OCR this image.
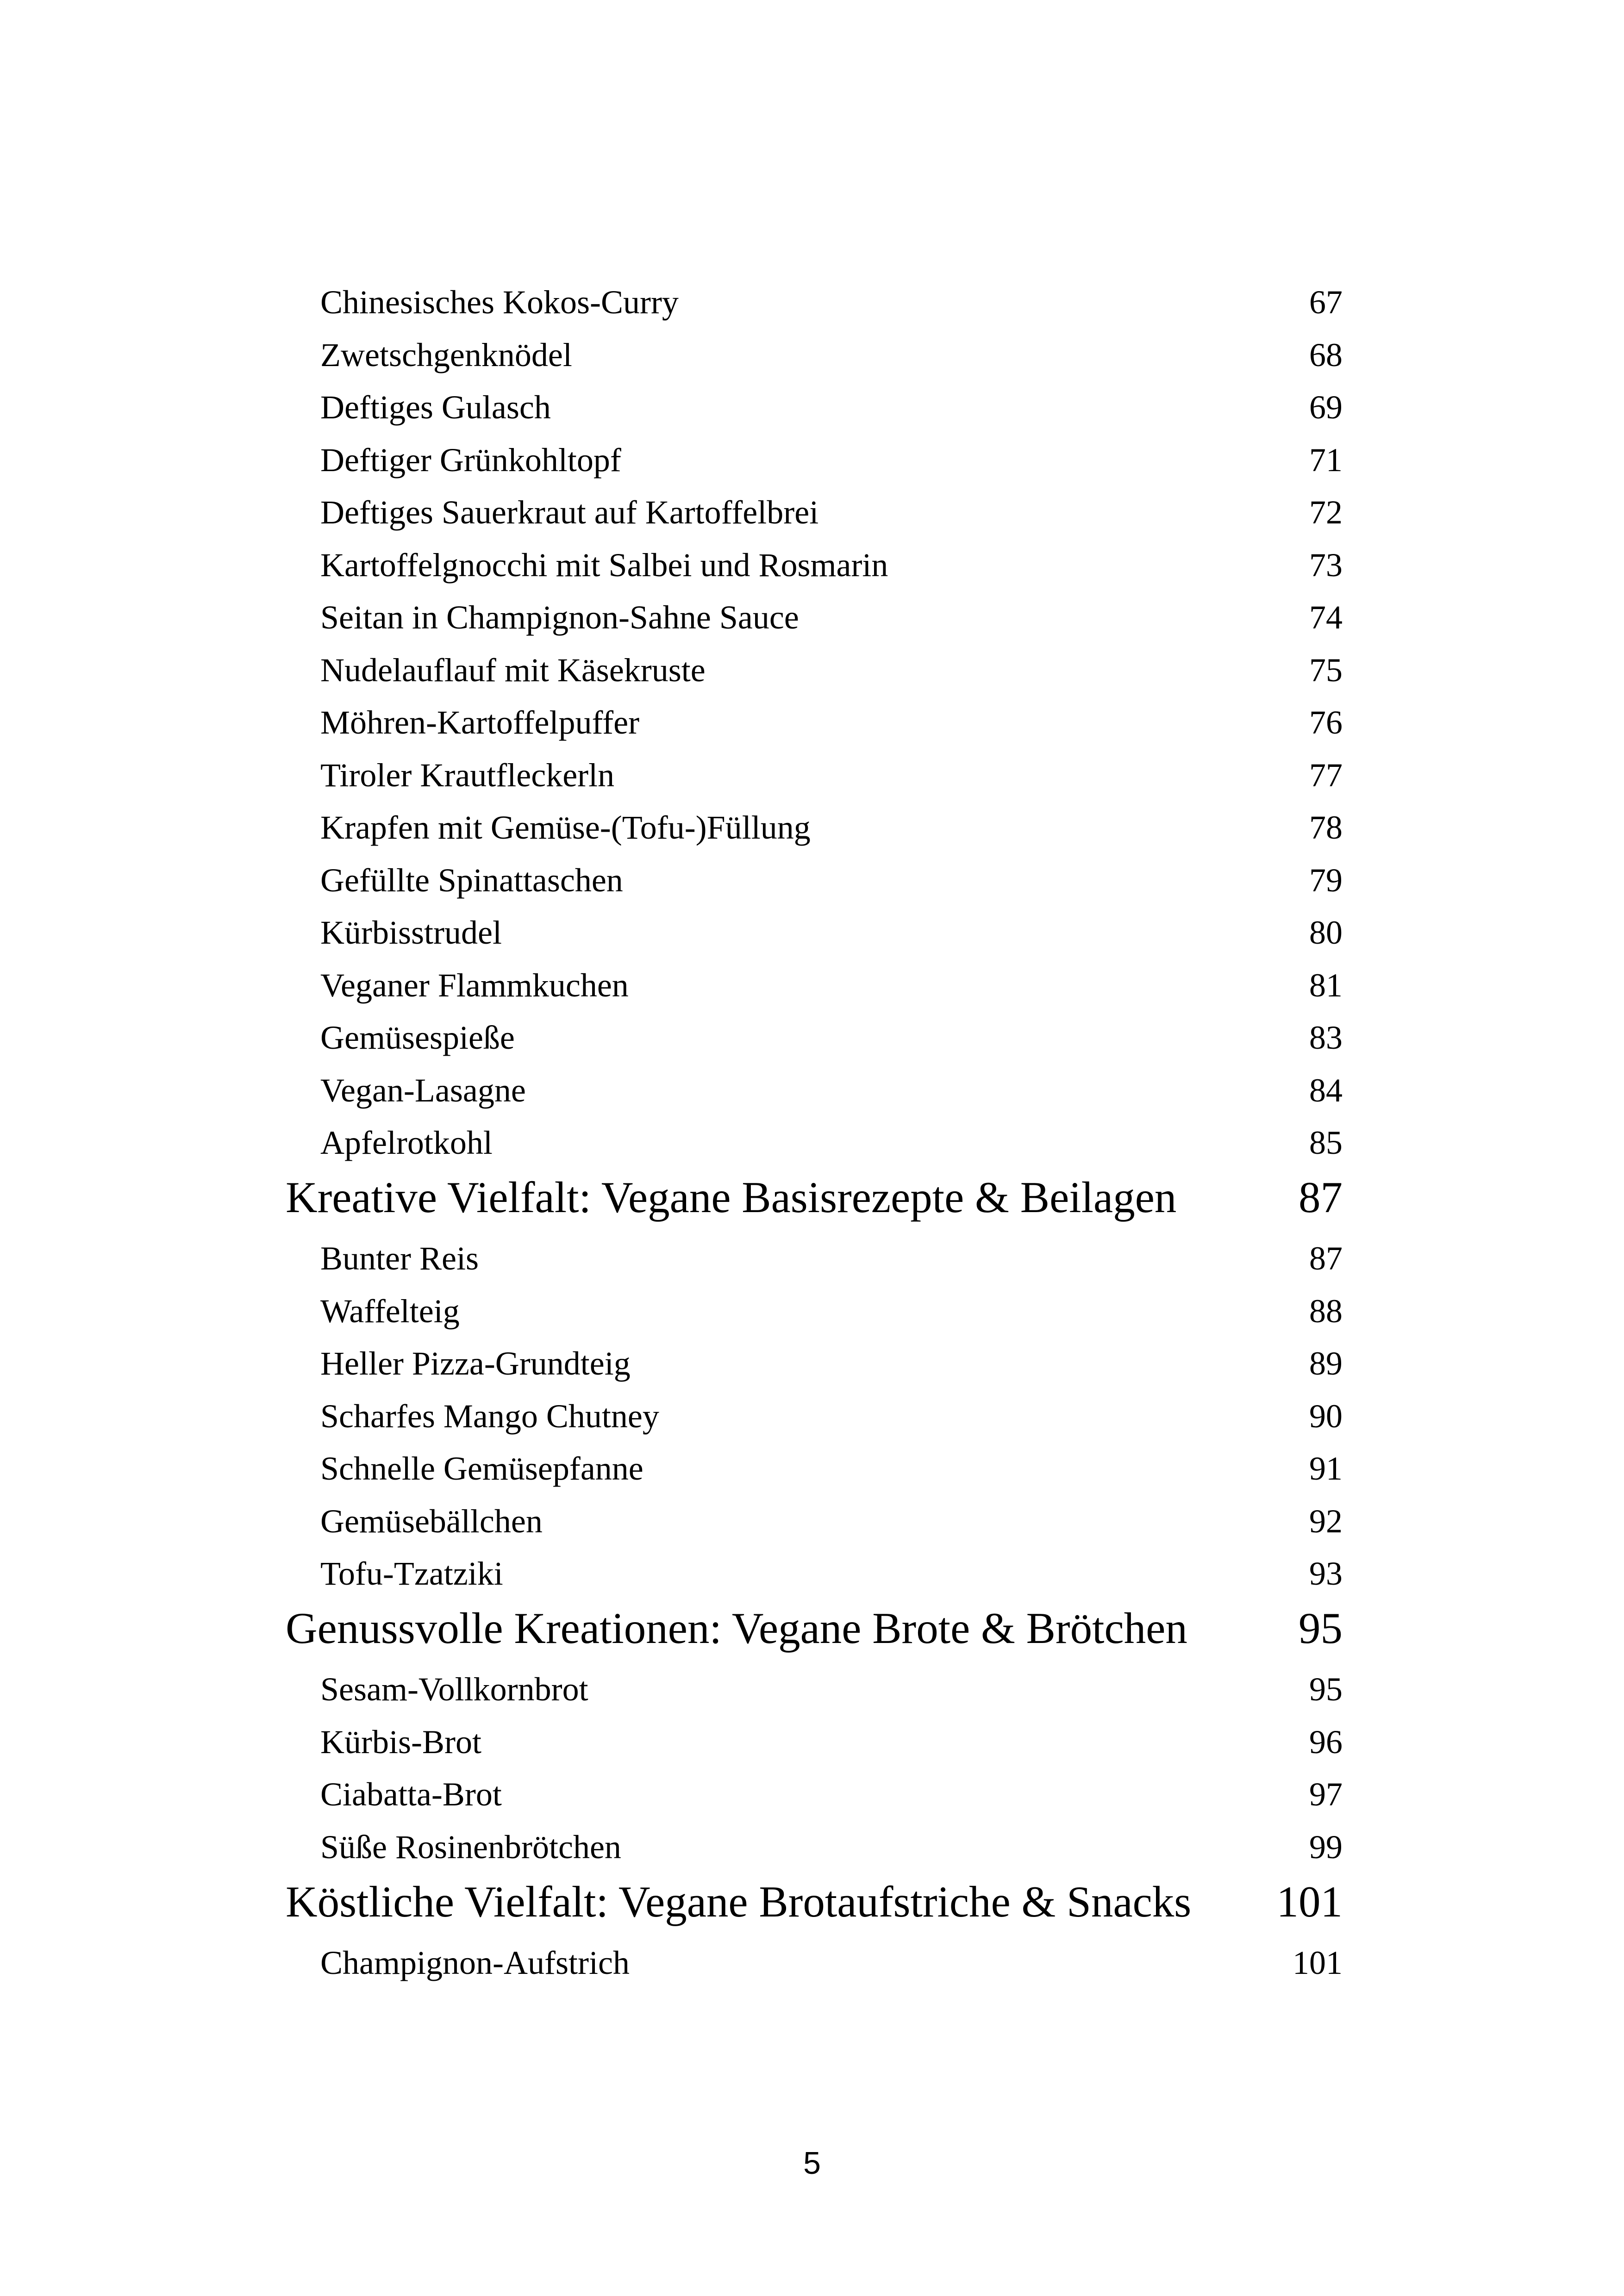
Chinesisches Kokos-Curry	67
Zwetschgenknödel	68
Deftiges Gulasch	69
Deftiger Grünkohltopf	71
Deftiges Sauerkraut auf Kartoffelbrei	72
Kartoffelgnocchi mit Salbei und Rosmarin	73
Seitan in Champignon-Sahne Sauce	74
Nudelauflauf mit Käsekruste	75
Möhren-Kartoffelpuffer	76
Tiroler Krautfleckerln	77
Krapfen mit Gemüse-(Tofu-)Füllung	78
Gefüllte Spinattaschen	79
Kürbisstrudel	80
Veganer Flammkuchen	81
Gemüsespieße	83
Vegan-Lasagne	84
Apfelrotkohl	85
Kreative Vielfalt: Vegane Basisrezepte & Beilagen	87
Bunter Reis	87
Waffelteig	88
Heller Pizza-Grundteig	89
Scharfes Mango Chutney	90
Schnelle Gemüsepfanne	91
Gemüsebällchen	92
Tofu-Tzatziki	93
Genussvolle Kreationen: Vegane Brote & Brötchen	95
Sesam-Vollkornbrot	95
Kürbis-Brot	96
Ciabatta-Brot	97
Süße Rosinenbrötchen	99
Köstliche Vielfalt: Vegane Brotaufstriche & Snacks 101
Champignon-Aufstrich	101
5
